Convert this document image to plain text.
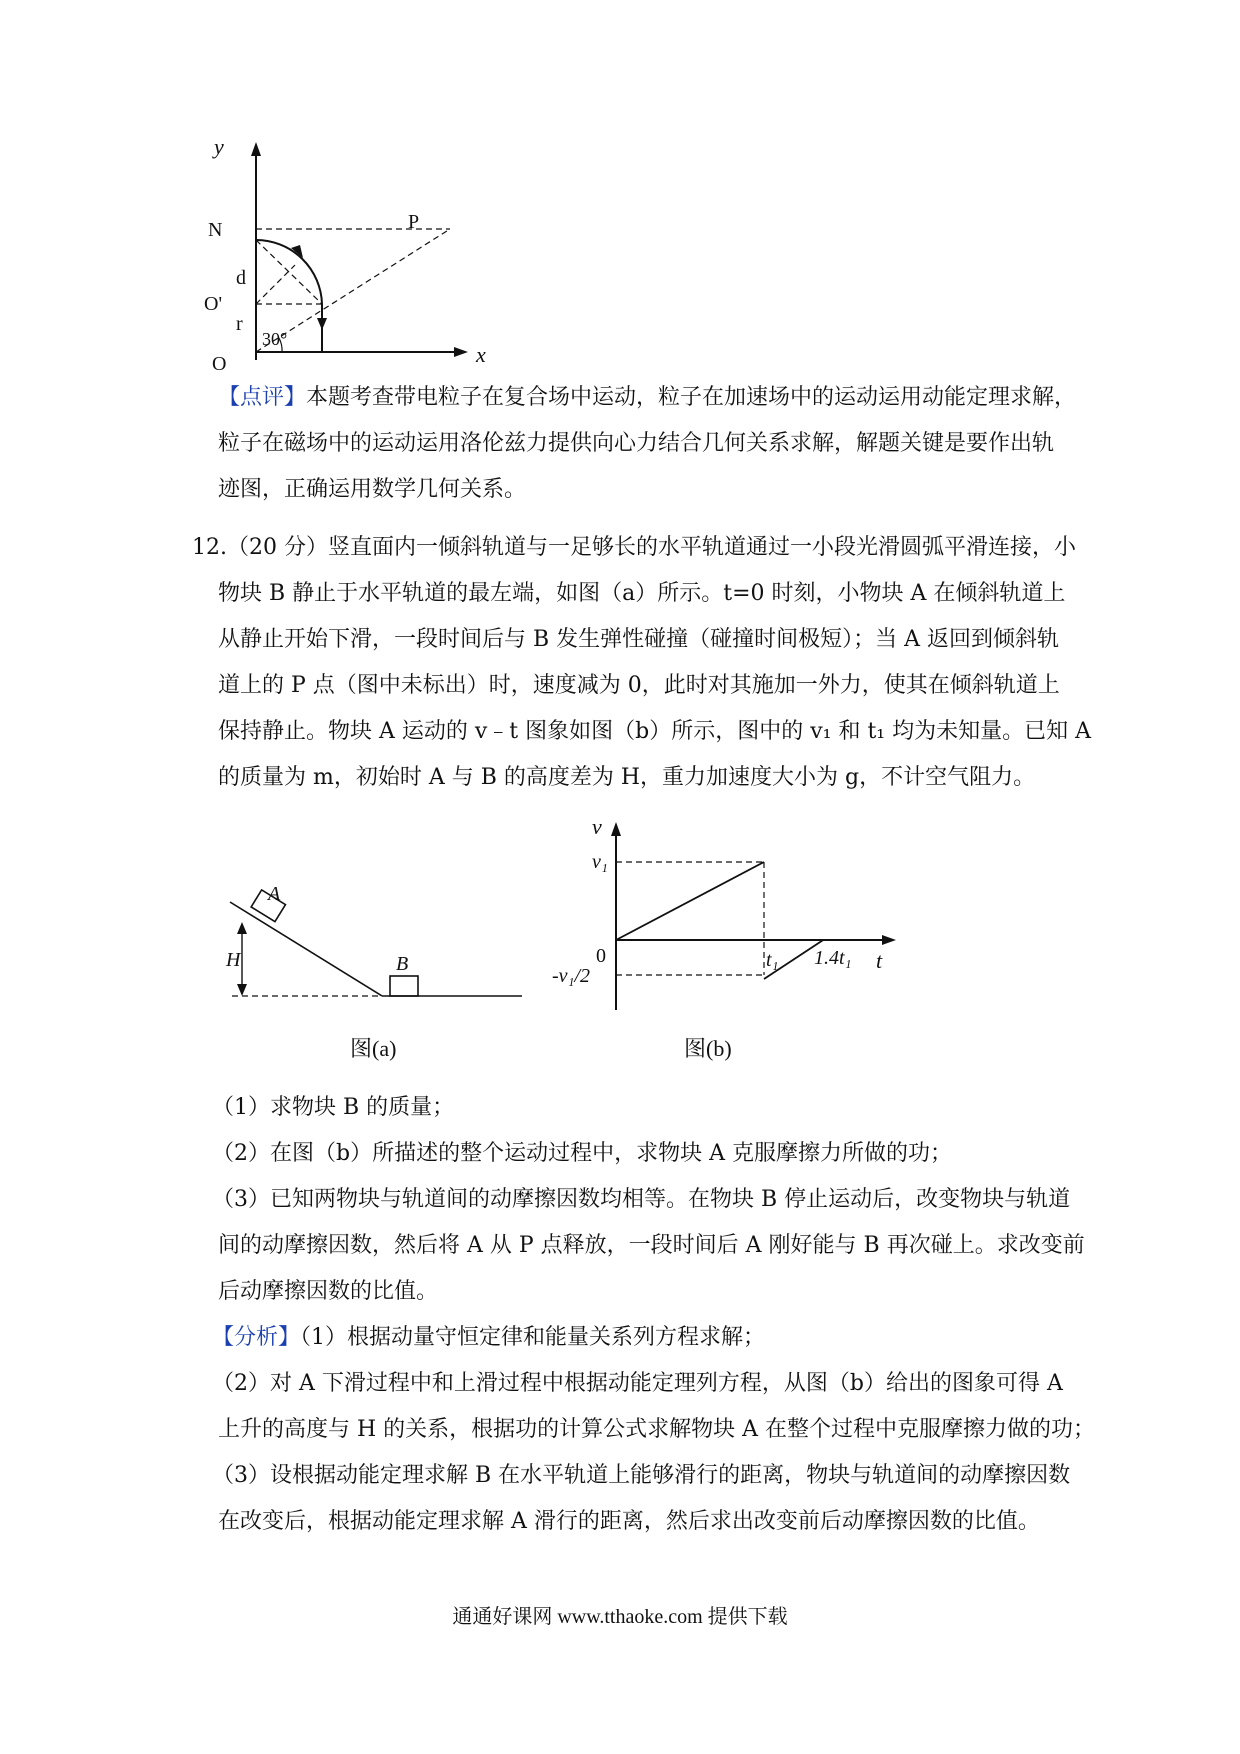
y
x
O
N	P
O'
d
r
30°
【点评】本题考查带电粒子在复合场中运动，粒子在加速场中的运动运用动能定理求解，
粒子在磁场中的运动运用洛伦兹力提供向心力结合几何关系求解，解题关键是要作出轨
迹图，正确运用数学几何关系。
12.（20 分）竖直面内一倾斜轨道与一足够长的水平轨道通过一小段光滑圆弧平滑连接，小
物块 B 静止于水平轨道的最左端，如图（a）所示。t=0 时刻，小物块 A 在倾斜轨道上
从静止开始下滑，一段时间后与 B 发生弹性碰撞（碰撞时间极短）；当 A 返回到倾斜轨
道上的 P 点（图中未标出）时，速度减为 0，此时对其施加一外力，使其在倾斜轨道上
保持静止。物块 A 运动的 v﹣t 图象如图（b）所示，图中的 v₁ 和 t₁ 均为未知量。已知 A
的质量为 m，初始时 A 与 B 的高度差为 H，重力加速度大小为 g，不计空气阻力。
A
H	B
图(a)
v
t
0
v₁
-v₁/2
t₁ 1.4t₁
图(b)
（1）求物块 B 的质量；
（2）在图（b）所描述的整个运动过程中，求物块 A 克服摩擦力所做的功；
（3）已知两物块与轨道间的动摩擦因数均相等。在物块 B 停止运动后，改变物块与轨道
间的动摩擦因数，然后将 A 从 P 点释放，一段时间后 A 刚好能与 B 再次碰上。求改变前
后动摩擦因数的比值。
【分析】（1）根据动量守恒定律和能量关系列方程求解；
（2）对 A 下滑过程中和上滑过程中根据动能定理列方程，从图（b）给出的图象可得 A
上升的高度与 H 的关系，根据功的计算公式求解物块 A 在整个过程中克服摩擦力做的功；
（3）设根据动能定理求解 B 在水平轨道上能够滑行的距离，物块与轨道间的动摩擦因数
在改变后，根据动能定理求解 A 滑行的距离，然后求出改变前后动摩擦因数的比值。
通通好课网 www.tthaoke.com 提供下载
